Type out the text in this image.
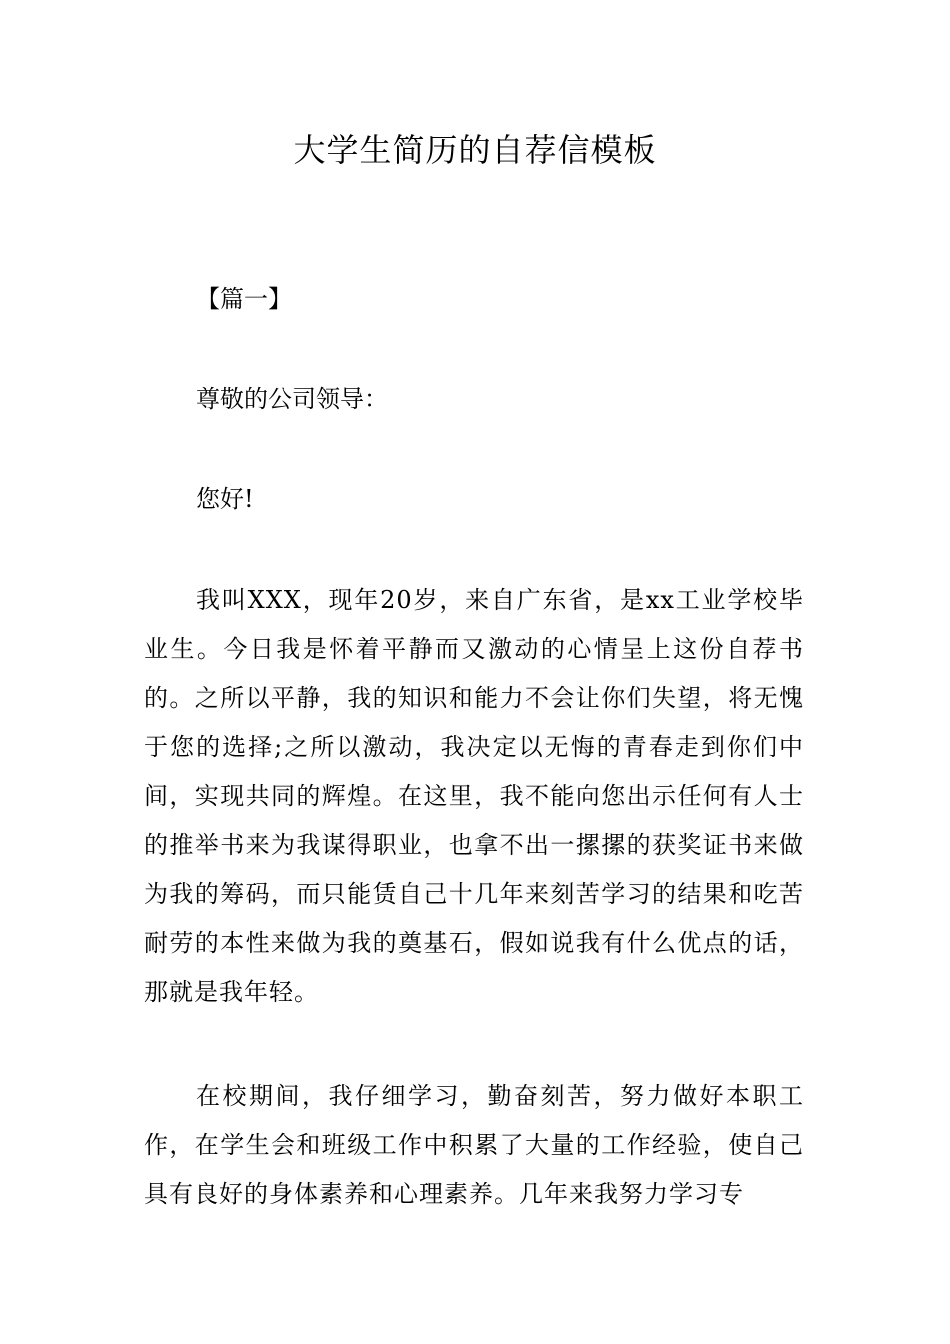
大学生简历的自荐信模板

【篇一】

尊敬的公司领导：

您好!

我叫XXX，现年20岁，来自广东省，是xx工业学校毕业生。今日我是怀着平静而又激动的心情呈上这份自荐书的。之所以平静，我的知识和能力不会让你们失望，将无愧于您的选择;之所以激动，我决定以无悔的青春走到你们中间，实现共同的辉煌。在这里，我不能向您出示任何有人士的推举书来为我谋得职业，也拿不出一摞摞的获奖证书来做为我的筹码，而只能赁自己十几年来刻苦学习的结果和吃苦耐劳的本性来做为我的奠基石，假如说我有什么优点的话，那就是我年轻。

在校期间，我仔细学习，勤奋刻苦，努力做好本职工作，在学生会和班级工作中积累了大量的工作经验，使自己具有良好的身体素养和心理素养。几年来我努力学习专
